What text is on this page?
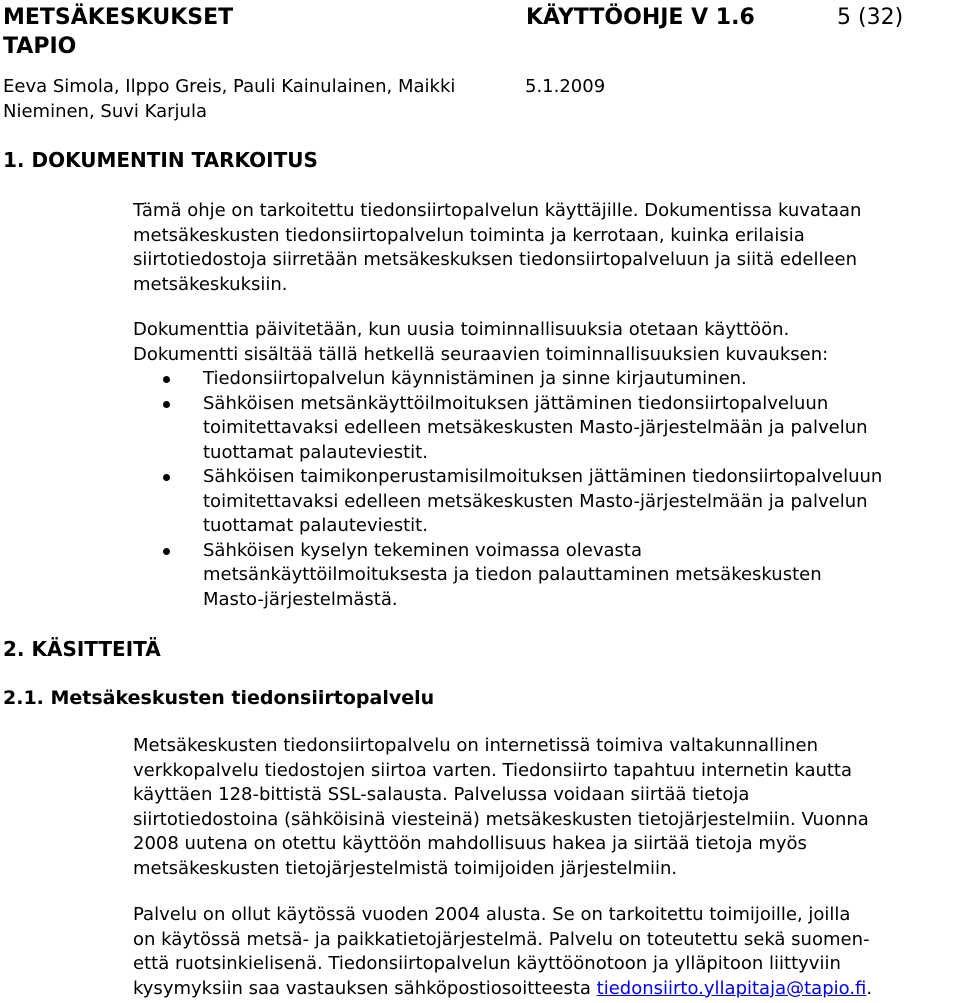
METSÄKESKUKSET
TAPIO
KÄYTTÖOHJE V 1.6	5 (32)
Eeva Simola, Ilppo Greis, Pauli Kainulainen, Maikki
Nieminen, Suvi Karjula
5.1.2009
1. DOKUMENTIN TARKOITUS
Tämä ohje on tarkoitettu tiedonsiirtopalvelun käyttäjille. Dokumentissa kuvataan
metsäkeskusten tiedonsiirtopalvelun toiminta ja kerrotaan, kuinka erilaisia
siirtotiedostoja siirretään metsäkeskuksen tiedonsiirtopalveluun ja siitä edelleen
metsäkeskuksiin.
Dokumenttia päivitetään, kun uusia toiminnallisuuksia otetaan käyttöön.
Dokumentti sisältää tällä hetkellä seuraavien toiminnallisuuksien kuvauksen:
Tiedonsiirtopalvelun käynnistäminen ja sinne kirjautuminen.
Sähköisen metsänkäyttöilmoituksen jättäminen tiedonsiirtopalveluun
toimitettavaksi edelleen metsäkeskusten Masto-järjestelmään ja palvelun
tuottamat palauteviestit.
Sähköisen taimikonperustamisilmoituksen jättäminen tiedonsiirtopalveluun
toimitettavaksi edelleen metsäkeskusten Masto-järjestelmään ja palvelun
tuottamat palauteviestit.
Sähköisen kyselyn tekeminen voimassa olevasta
metsänkäyttöilmoituksesta ja tiedon palauttaminen metsäkeskusten
Masto-järjestelmästä.
2. KÄSITTEITÄ
2.1. Metsäkeskusten tiedonsiirtopalvelu
Metsäkeskusten tiedonsiirtopalvelu on internetissä toimiva valtakunnallinen
verkkopalvelu tiedostojen siirtoa varten. Tiedonsiirto tapahtuu internetin kautta
käyttäen 128-bittistä SSL-salausta. Palvelussa voidaan siirtää tietoja
siirtotiedostoina (sähköisinä viesteinä) metsäkeskusten tietojärjestelmiin. Vuonna
2008 uutena on otettu käyttöön mahdollisuus hakea ja siirtää tietoja myös
metsäkeskusten tietojärjestelmistä toimijoiden järjestelmiin.
Palvelu on ollut käytössä vuoden 2004 alusta. Se on tarkoitettu toimijoille, joilla
on käytössä metsä- ja paikkatietojärjestelmä. Palvelu on toteutettu sekä suomen-
että ruotsinkielisenä. Tiedonsiirtopalvelun käyttöönotoon ja ylläpitoon liittyviin
kysymyksiin saa vastauksen sähköpostiosoitteesta tiedonsiirto.yllapitaja@tapio.fi.
